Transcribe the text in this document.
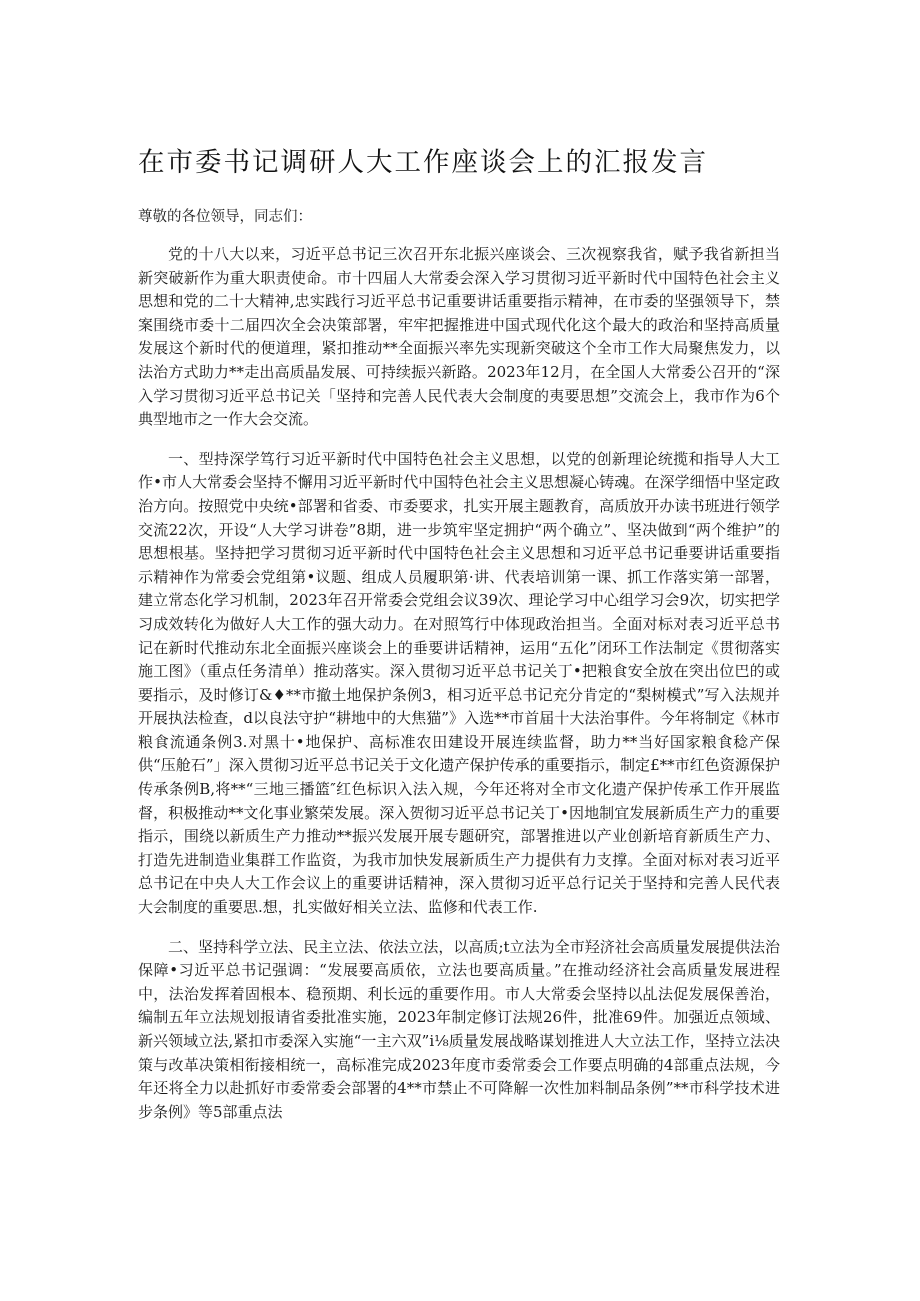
在市委书记调研人大工作座谈会上的汇报发言

尊敬的各位领导，同志们：

党的十八大以来，习近平总书记三次召开东北振兴座谈会、三次视察我省，赋予我省新担当新突破新作为重大职责使命。市十四届人大常委会深入学习贯彻习近平新时代中国特色社会主义思想和党的二十大精神,忠实践行习近平总书记重要讲话重要指示精神，在市委的坚强领导下，禁案围绕市委十二届四次全会决策部署，牢牢把握推进中国式现代化这个最大的政治和坚持高质量发展这个新时代的便道理，紧扣推动**全面振兴率先实现新突破这个全市工作大局聚焦发力，以法治方式助力**走出高质晶发展、可持续振兴新路。2023年12月，在全国人大常委公召开的“深入学习贯彻习近平总书记关「坚持和完善人民代表大会制度的夷要思想”交流会上，我市作为6个典型地市之一作大会交流。

一、型持深学笃行习近平新时代中国特色社会主义思想，以党的创新理论统揽和指导人大工作•市人大常委会坚持不懈用习近平新时代中国特色社会主义思想凝心铸魂。在深学细悟中坚定政治方向。按照党中央统•部署和省委、市委要求，扎实开展主题教育，高质放开办读书班进行领学交流22次，开设“人大学习讲卷”8期，进一步筑牢坚定拥护“两个确立”、坚决做到“两个维护”的思想根基。坚持把学习贯彻习近平新时代中国特色社会主义思想和习近平总书记垂要讲话重要指示精神作为常委会党组第•议题、组成人员履职第·讲、代表培训第一课、抓工作落实第一部署，建立常态化学习机制，2023年召开常委会党组会议39次、理论学习中心组学习会9次，切实把学习成效转化为做好人大工作的强大动力。在对照笃行中体现政治担当。全面对标对表习近平总书记在新时代推动东北全面振兴座谈会上的垂要讲话精神，运用“五化”闭环工作法制定《贯彻落实施工图》（重点任务清单）推动落实。深入贯彻习近平总书记关丁•把粮食安全放在突出位巴的或要指示，及时修订&♦**市撤土地保护条例3，相习近平总书记充分肯定的“梨树模式”写入法规并开展执法检查，d以良法守护“耕地中的大焦猫”》入选**市首届十大法治事件。今年将制定《林市粮食流通条例3.对黑十•地保护、高标准农田建设开展连续监督，助力**当好国家粮食稔产保供“压舱石”」深入贯彻习近平总书记关于文化遗产保护传承的重要指示，制定£**市红色资源保护传承条例B,将**“三地三播篮″红色标识入法入规，今年还将对全市文化遗产保护传承工作开展监督，积极推动**文化事业繁荣发展。深入贺彻习近平总书记关丁•因地制宜发展新质生产力的重要指示，围绕以新质生产力推动**振兴发展开展专题研究，部署推进以产业创新培育新质生产力、打造先进制造业集群工作监资，为我市加快发展新质生产力提供有力支撑。全面对标对表习近平总书记在中央人大工作会议上的重要讲话精神，深入贯彻习近平总行记关于坚持和完善人民代表大会制度的重要思.想，扎实做好相关立法、监修和代表工作.

二、坚持科学立法、民主立法、依法立法，以高质;t立法为全市羟济社会高质量发展提供法治保障•习近平总书记强调：“发展要高质依，立法也要高质量。”在推动经济社会高质量发展进程中，法治发挥着固根本、稳预期、利长远的重要作用。市人大常委会坚持以乩法促发展保善治，编制五年立法规划报请省委批准实施，2023年制定修订法规26件，批准69件。加强近点领域、新兴领域立法,紧扣市委深入实施“一主六双”i⅛质量发展战略谋划推进人大立法工作，坚持立法决策与改革决策相衔接相统一，高标准完成2023年度市委常委会工作要点明确的4部重点法规，今年还将全力以赴抓好市委常委会部署的4**市禁止不可降解一次性加料制品条例”**市科学技术进步条例》等5部重点法
